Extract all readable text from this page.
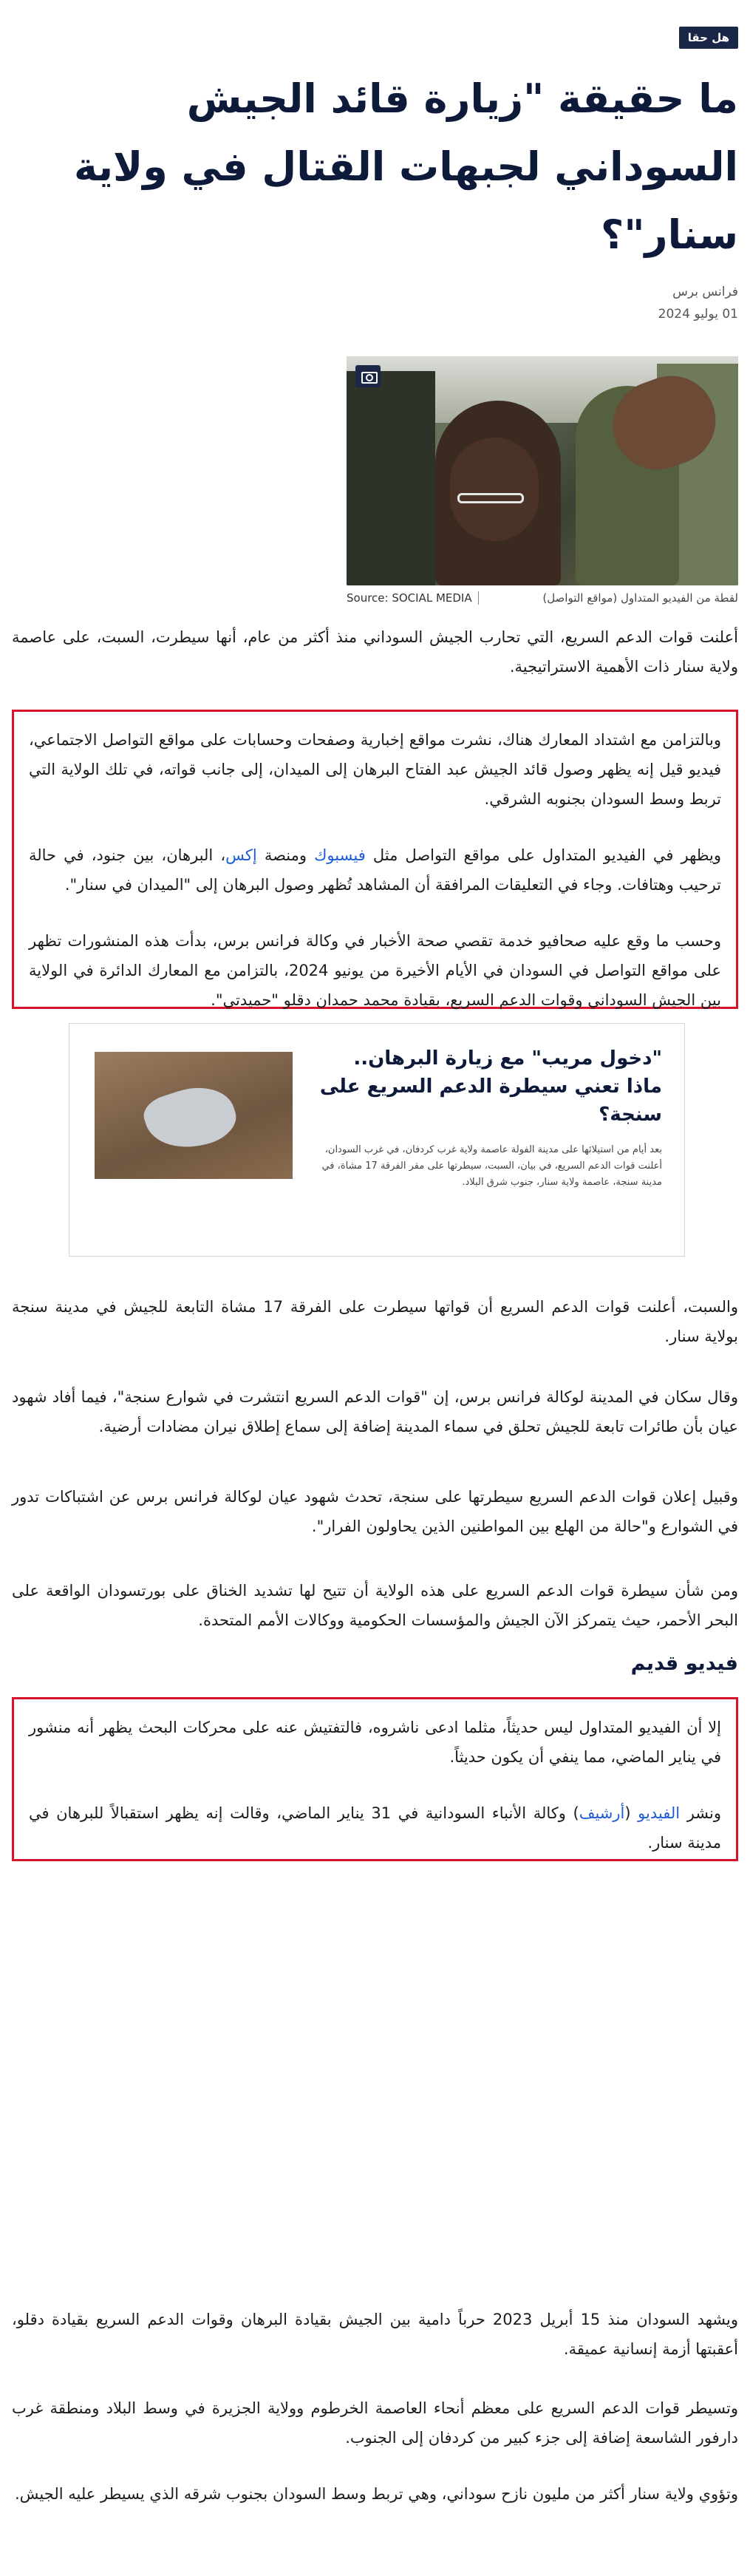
هل حقا
ما حقيقة "زيارة قائد الجيش السوداني لجبهات القتال في ولاية سنار"؟
فرانس برس
01 يوليو 2024
لقطة من الفيديو المتداول (مواقع التواصل)
Source: SOCIAL MEDIA

أعلنت قوات الدعم السريع، التي تحارب الجيش السوداني منذ أكثر من عام، أنها سيطرت، السبت، على عاصمة ولاية سنار ذات الأهمية الاستراتيجية.

وبالتزامن مع اشتداد المعارك هناك، نشرت مواقع إخبارية وصفحات وحسابات على مواقع التواصل الاجتماعي، فيديو قيل إنه يظهر وصول قائد الجيش عبد الفتاح البرهان إلى الميدان، إلى جانب قواته، في تلك الولاية التي تربط وسط السودان بجنوبه الشرقي.

ويظهر في الفيديو المتداول على مواقع التواصل مثل فيسبوك ومنصة إكس، البرهان، بين جنود، في حالة ترحيب وهتافات. وجاء في التعليقات المرافقة أن المشاهد تُظهر وصول البرهان إلى "الميدان في سنار".

وحسب ما وقع عليه صحافيو خدمة تقصي صحة الأخبار في وكالة فرانس برس، بدأت هذه المنشورات تظهر على مواقع التواصل في السودان في الأيام الأخيرة من يونيو 2024، بالتزامن مع المعارك الدائرة في الولاية بين الجيش السوداني وقوات الدعم السريع، بقيادة محمد حمدان دقلو "حميدتي".

"دخول مريب" مع زيارة البرهان.. ماذا تعني سيطرة الدعم السريع على سنجة؟
بعد أيام من استيلائها على مدينة الفولة عاصمة ولاية غرب كردفان، في غرب السودان، أعلنت قوات الدعم السريع، في بيان، السبت، سيطرتها على مقر الفرقة 17 مشاة، في مدينة سنجة، عاصمة ولاية سنار، جنوب شرق البلاد.

والسبت، أعلنت قوات الدعم السريع أن قواتها سيطرت على الفرقة 17 مشاة التابعة للجيش في مدينة سنجة بولاية سنار.

وقال سكان في المدينة لوكالة فرانس برس، إن "قوات الدعم السريع انتشرت في شوارع سنجة"، فيما أفاد شهود عيان بأن طائرات تابعة للجيش تحلق في سماء المدينة إضافة إلى سماع إطلاق نيران مضادات أرضية.

وقبيل إعلان قوات الدعم السريع سيطرتها على سنجة، تحدث شهود عيان لوكالة فرانس برس عن اشتباكات تدور في الشوارع و"حالة من الهلع بين المواطنين الذين يحاولون الفرار".

ومن شأن سيطرة قوات الدعم السريع على هذه الولاية أن تتيح لها تشديد الخناق على بورتسودان الواقعة على البحر الأحمر، حيث يتمركز الآن الجيش والمؤسسات الحكومية ووكالات الأمم المتحدة.

فيديو قديم

إلا أن الفيديو المتداول ليس حديثاً، مثلما ادعى ناشروه، فالتفتيش عنه على محركات البحث يظهر أنه منشور في يناير الماضي، مما ينفي أن يكون حديثاً.

ونشر الفيديو (أرشيف) وكالة الأنباء السودانية في 31 يناير الماضي، وقالت إنه يظهر استقبالاً للبرهان في مدينة سنار.

ويشهد السودان منذ 15 أبريل 2023 حرباً دامية بين الجيش بقيادة البرهان وقوات الدعم السريع بقيادة دقلو، أعقبتها أزمة إنسانية عميقة.

وتسيطر قوات الدعم السريع على معظم أنحاء العاصمة الخرطوم وولاية الجزيرة في وسط البلاد ومنطقة غرب دارفور الشاسعة إضافة إلى جزء كبير من كردفان إلى الجنوب.

وتؤوي ولاية سنار أكثر من مليون نازح سوداني، وهي تربط وسط السودان بجنوب شرقه الذي يسيطر عليه الجيش.
